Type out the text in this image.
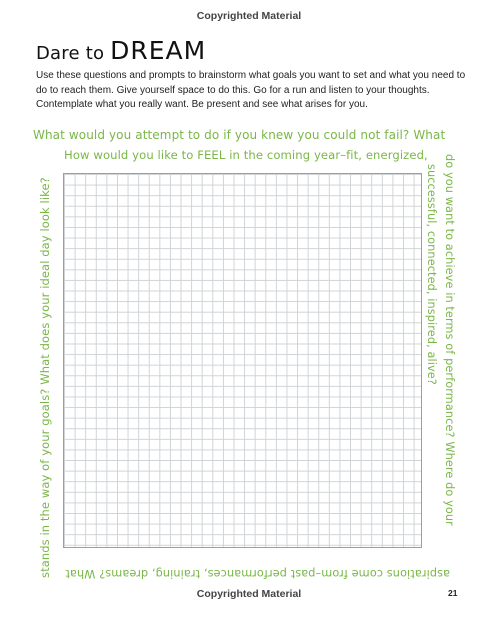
Copyrighted Material
Dare to DREAM
Use these questions and prompts to brainstorm what goals you want to set and what you need to do to reach them. Give yourself space to do this. Go for a run and listen to your thoughts. Contemplate what you really want. Be present and see what arises for you.
What would you attempt to do if you knew you could not fail? What
How would you like to FEEL in the coming year–fit, energized, do you want to achieve in terms of performance? Where do your
successful, connected, inspired, alive?
aspirations come from–past performances, training, dreams? What
stands in the way of your goals? What does your ideal day look like?
Copyrighted Material	21
